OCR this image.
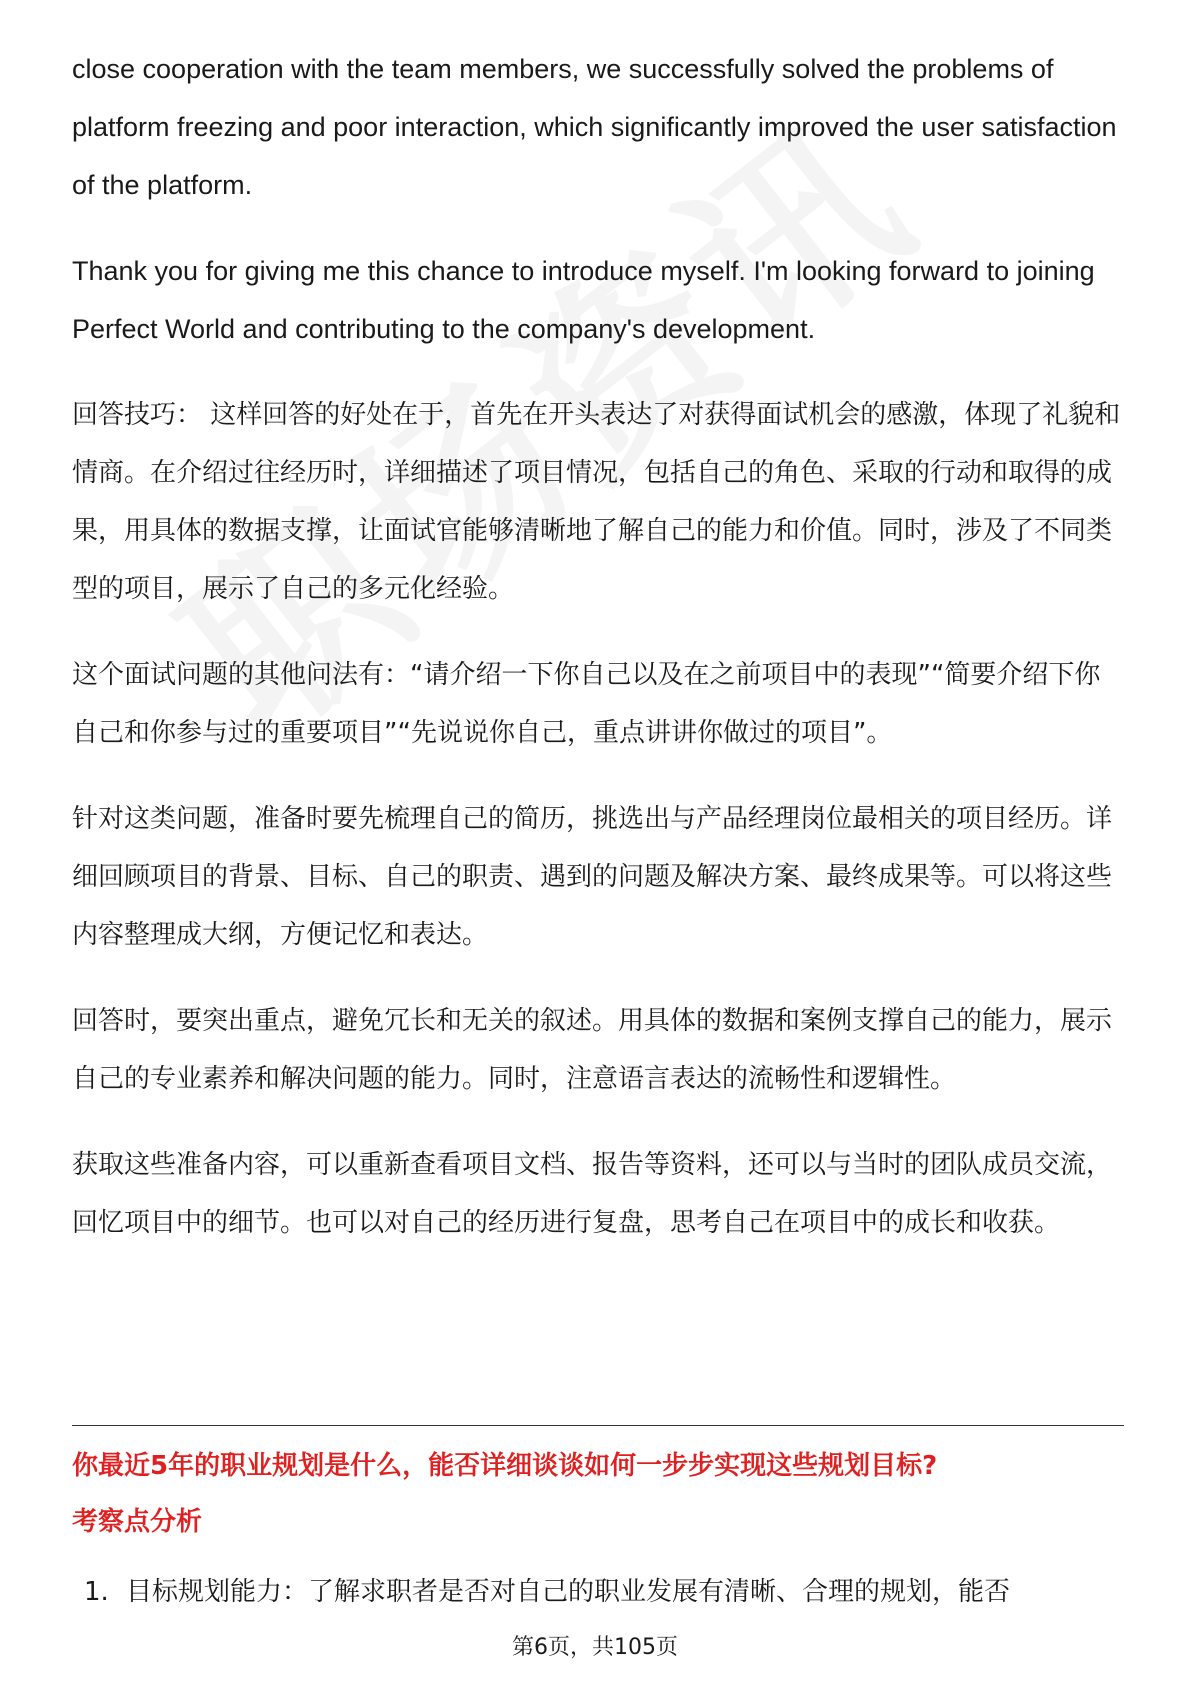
close cooperation with the team members, we successfully solved the problems of platform freezing and poor interaction, which significantly improved the user satisfaction of the platform.

Thank you for giving me this chance to introduce myself. I'm looking forward to joining Perfect World and contributing to the company's development.

回答技巧： 这样回答的好处在于，首先在开头表达了对获得面试机会的感激，体现了礼貌和情商。在介绍过往经历时，详细描述了项目情况，包括自己的角色、采取的行动和取得的成果，用具体的数据支撑，让面试官能够清晰地了解自己的能力和价值。同时，涉及了不同类型的项目，展示了自己的多元化经验。

这个面试问题的其他问法有：“请介绍一下你自己以及在之前项目中的表现”“简要介绍下你自己和你参与过的重要项目”“先说说你自己，重点讲讲你做过的项目”。

针对这类问题，准备时要先梳理自己的简历，挑选出与产品经理岗位最相关的项目经历。详细回顾项目的背景、目标、自己的职责、遇到的问题及解决方案、最终成果等。可以将这些内容整理成大纲，方便记忆和表达。

回答时，要突出重点，避免冗长和无关的叙述。用具体的数据和案例支撑自己的能力，展示自己的专业素养和解决问题的能力。同时，注意语言表达的流畅性和逻辑性。

获取这些准备内容，可以重新查看项目文档、报告等资料，还可以与当时的团队成员交流，回忆项目中的细节。也可以对自己的经历进行复盘，思考自己在项目中的成长和收获。

你最近5年的职业规划是什么，能否详细谈谈如何一步步实现这些规划目标?
考察点分析
1. 目标规划能力：了解求职者是否对自己的职业发展有清晰、合理的规划，能否
第6页，共105页
